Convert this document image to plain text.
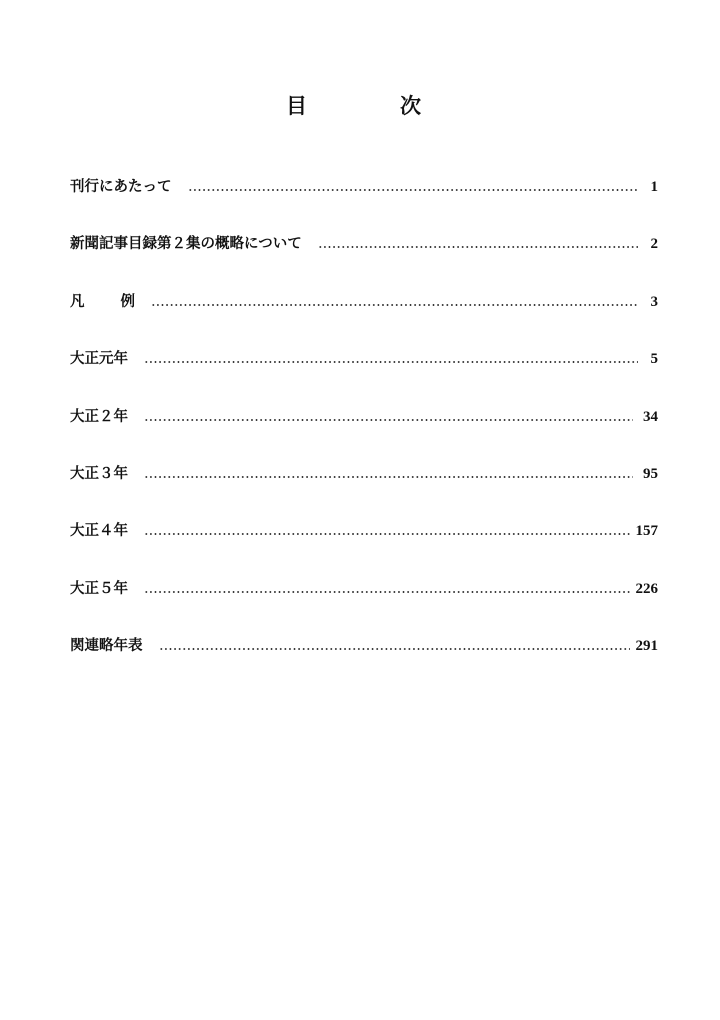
目	次
刊行にあたって	1
新聞記事目録第２集の概略について	2
凡 例	3
大正元年	5
大正２年	34
大正３年	95
大正４年	157
大正５年	226
関連略年表	291
